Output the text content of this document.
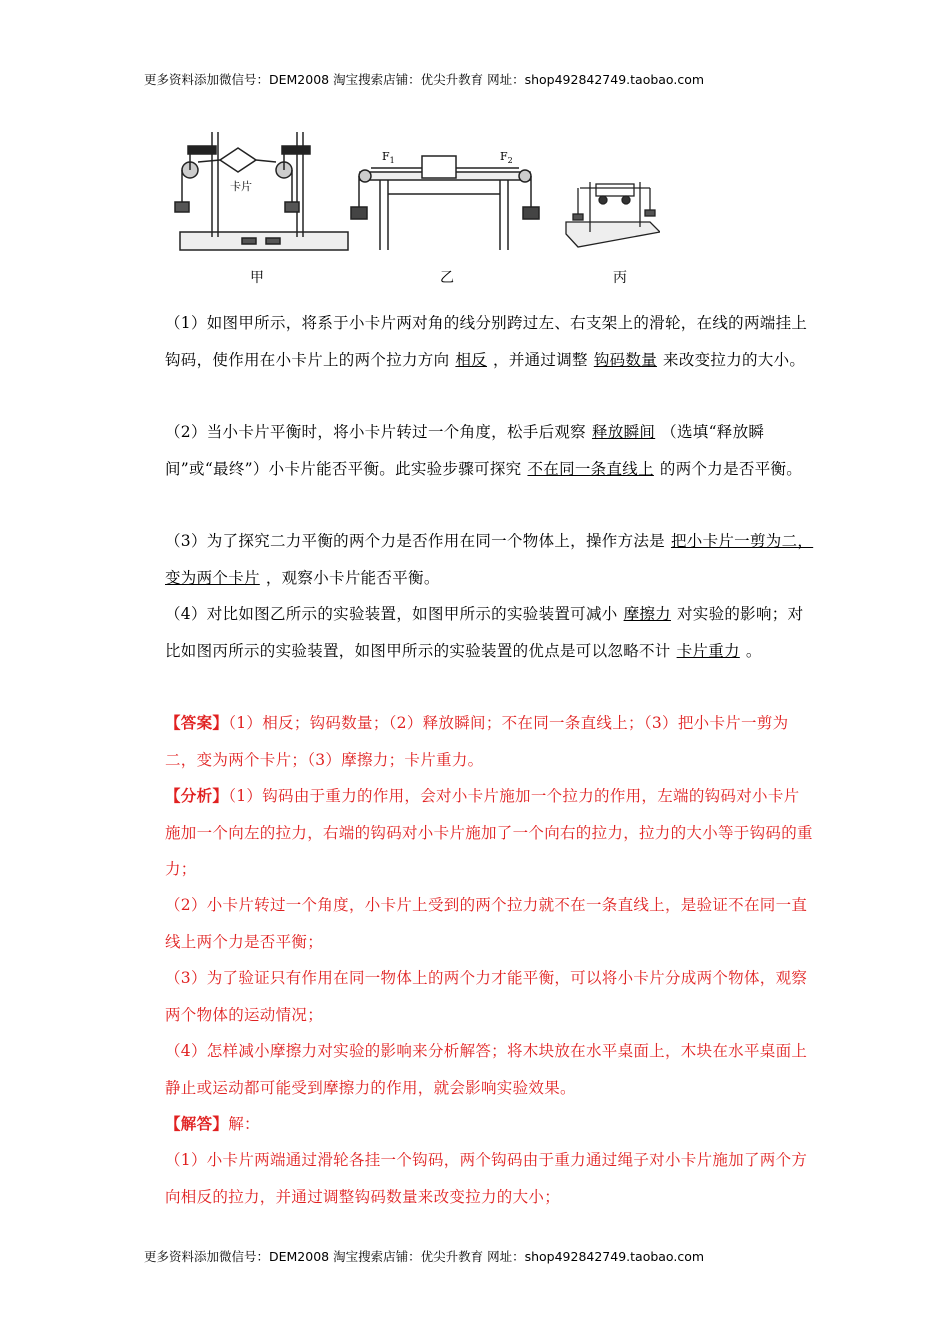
更多资料添加微信号：DEM2008 淘宝搜索店铺：优尖升教育 网址：shop492842749.taobao.com
卡片
$F_1$	$F_2$
甲	乙	丙

（1）如图甲所示，将系于小卡片两对角的线分别跨过左、右支架上的滑轮，在线的两端挂上钩码，使作用在小卡片上的两个拉力方向 相反 ，并通过调整 钩码数量 来改变拉力的大小。

（2）当小卡片平衡时，将小卡片转过一个角度，松手后观察 释放瞬间 （选填“释放瞬间”或“最终”）小卡片能否平衡。此实验步骤可探究 不在同一条直线上 的两个力是否平衡。

（3）为了探究二力平衡的两个力是否作用在同一个物体上，操作方法是 把小卡片一剪为二，变为两个卡片 ，观察小卡片能否平衡。

（4）对比如图乙所示的实验装置，如图甲所示的实验装置可减小 摩擦力 对实验的影响；对比如图丙所示的实验装置，如图甲所示的实验装置的优点是可以忽略不计 卡片重力 。

【答案】（1）相反；钩码数量；（2）释放瞬间；不在同一条直线上；（3）把小卡片一剪为二，变为两个卡片；（3）摩擦力；卡片重力。

【分析】（1）钩码由于重力的作用，会对小卡片施加一个拉力的作用，左端的钩码对小卡片施加一个向左的拉力，右端的钩码对小卡片施加了一个向右的拉力，拉力的大小等于钩码的重力；

（2）小卡片转过一个角度，小卡片上受到的两个拉力就不在一条直线上，是验证不在同一直线上两个力是否平衡；

（3）为了验证只有作用在同一物体上的两个力才能平衡，可以将小卡片分成两个物体，观察两个物体的运动情况；

（4）怎样减小摩擦力对实验的影响来分析解答；将木块放在水平桌面上，木块在水平桌面上静止或运动都可能受到摩擦力的作用，就会影响实验效果。

【解答】解：

（1）小卡片两端通过滑轮各挂一个钩码，两个钩码由于重力通过绳子对小卡片施加了两个方向相反的拉力，并通过调整钩码数量来改变拉力的大小；

更多资料添加微信号：DEM2008 淘宝搜索店铺：优尖升教育 网址：shop492842749.taobao.com
